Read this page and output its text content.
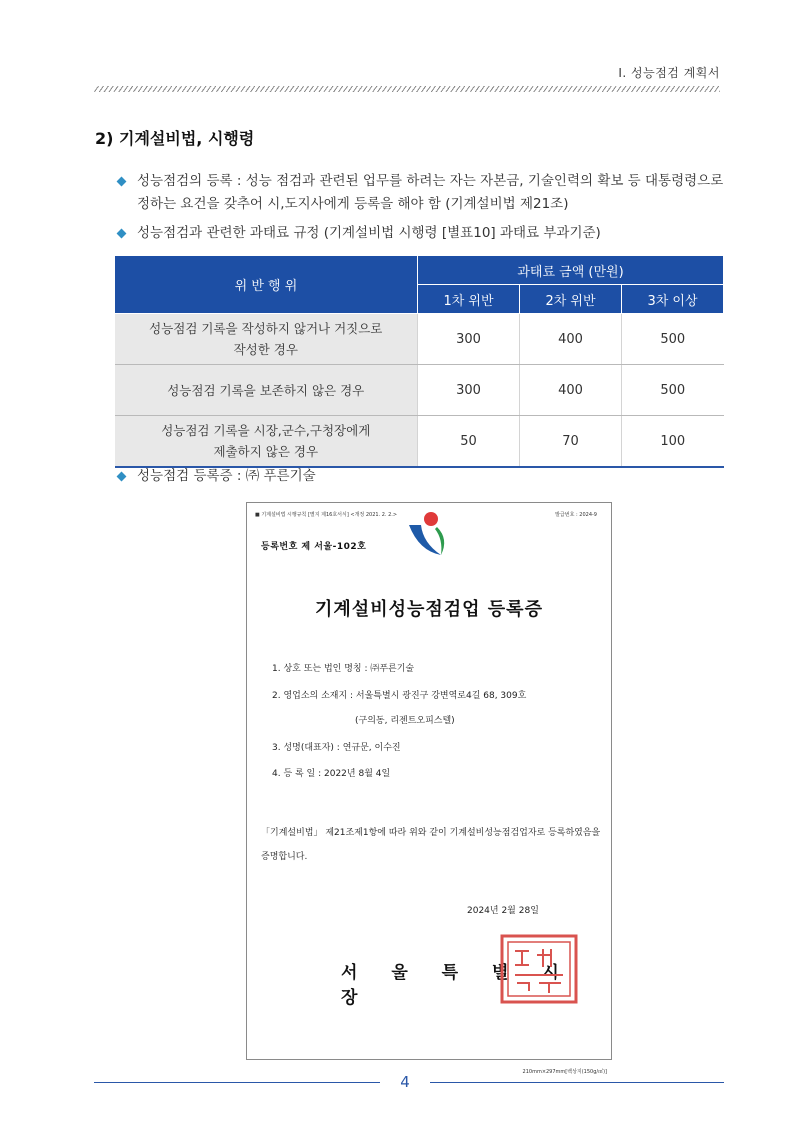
Ⅰ. 성능점검 계획서
2) 기계설비법, 시행령
성능점검의 등록 : 성능 점검과 관련된 업무를 하려는 자는 자본금, 기술인력의 확보 등 대통령령으로 정하는 요건을 갖추어 시,도지사에게 등록을 해야 함 (기계설비법 제21조)
성능점검과 관련한 과태료 규정 (기계설비법 시행령 [별표10] 과태료 부과기준)
위 반 행 위	과태료 금액 (만원)		
	1차 위반	2차 위반	3차 이상
성능점검 기록을 작성하지 않거나 거짓으로
작성한 경우	300	400	500
성능점검 기록을 보존하지 않은 경우	300	400	500
성능점검 기록을 시장,군수,구청장에게
제출하지 않은 경우	50	70	100
성능점검 등록증 : ㈜ 푸른기술
■ 기계설비법 시행규칙 [별지 제16호서식] <개정 2021. 2. 2.>	발급번호 : 2024-9
등록번호 제 서울-102호
기계설비성능점검업 등록증
1. 상호 또는 법인 명칭 : ㈜푸른기술
2. 영업소의 소재지 : 서울특별시 광진구 강변역로4길 68, 309호
(구의동, 리젠트오피스텔)
3. 성명(대표자) : 연규문, 이수진
4. 등 록 일 : 2022년 8월 4일
「기계설비법」 제21조제1항에 따라 위와 같이 기계설비성능점검업자로 등록하였음을 증명합니다.
2024년 2월 28일
서 울 특 별 시 장
210mm×297mm[백상지(150g/㎡)]
4
